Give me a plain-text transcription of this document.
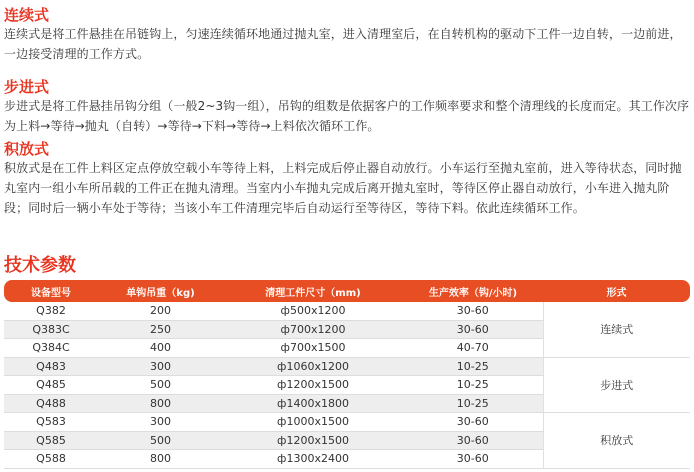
连续式

连续式是将工件悬挂在吊链钩上，匀速连续循环地通过抛丸室，进入清理室后，在自转机构的驱动下工件一边自转，一边前进，一边接受清理的工作方式。

步进式

步进式是将工件悬挂吊钩分组（一般2~3钩一组），吊钩的组数是依据客户的工作频率要求和整个清理线的长度而定。其工作次序为上料→等待→抛丸（自转）→等待→下料→等待→上料依次循环工作。

积放式

积放式是在工件上料区定点停放空载小车等待上料，上料完成后停止器自动放行。小车运行至抛丸室前，进入等待状态，同时抛丸室内一组小车所吊载的工件正在抛丸清理。当室内小车抛丸完成后离开抛丸室时，等待区停止器自动放行，小车进入抛丸阶段；同时后一辆小车处于等待；当该小车工件清理完毕后自动运行至等待区，等待下料。依此连续循环工作。

技术参数
设备型号	单钩吊重（kg)	清理工件尺寸（mm)	生产效率（钩/小时)	形式
Q382	200	ф500x1200	30-60	连续式
Q383C	250	ф700x1200	30-60	
Q384C	400	ф700x1500	40-70	
Q483	300	ф1060x1200	10-25	步进式
Q485	500	ф1200x1500	10-25	
Q488	800	ф1400x1800	10-25	
Q583	300	ф1000x1500	30-60	积放式
Q585	500	ф1200x1500	30-60	
Q588	800	ф1300x2400	30-60	
